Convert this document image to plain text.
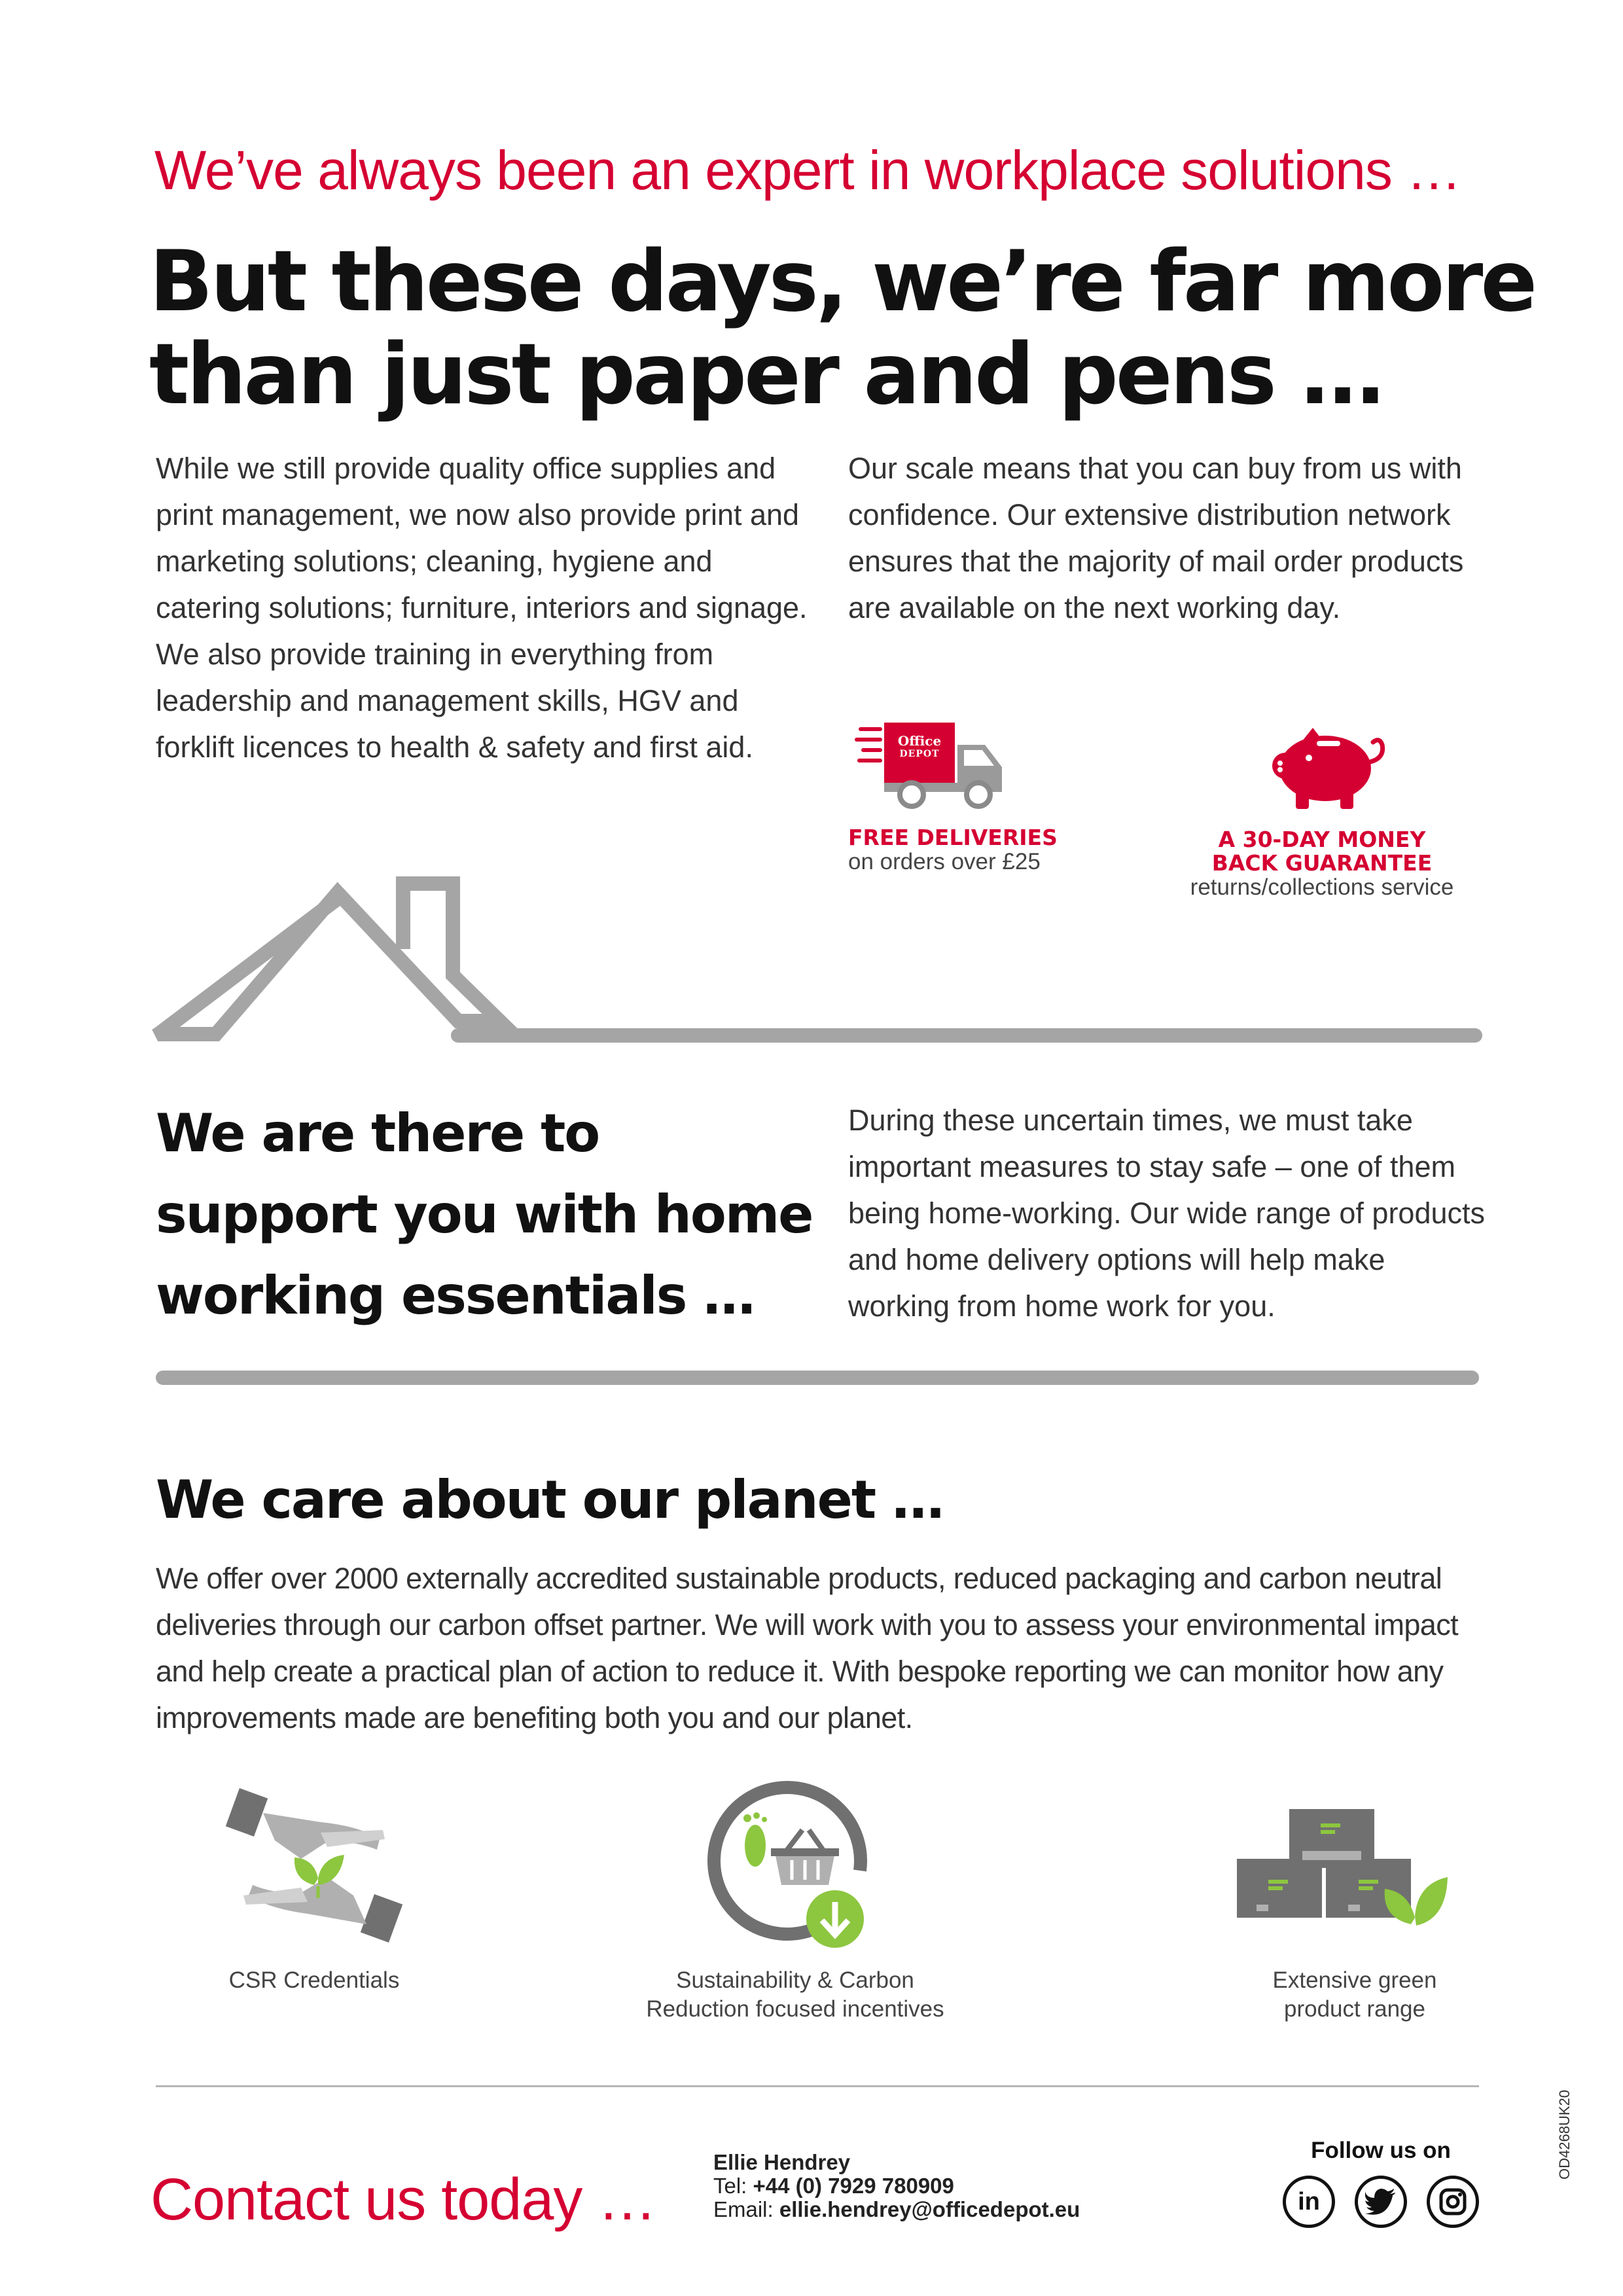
We’ve always been an expert in workplace solutions …
But these days, we’re far more
than just paper and pens …
While we still provide quality office supplies and print management, we now also provide print and marketing solutions; cleaning, hygiene and catering solutions; furniture, interiors and signage. We also provide training in everything from leadership and management skills, HGV and forklift licences to health & safety and first aid.
Our scale means that you can buy from us with confidence. Our extensive distribution network ensures that the majority of mail order products are available on the next working day.
Office
DEPOT
FREE DELIVERIES
on orders over £25
A 30-DAY MONEY
BACK GUARANTEE
returns/collections service
We are there to
support you with home
working essentials …
During these uncertain times, we must take important measures to stay safe – one of them being home-working. Our wide range of products and home delivery options will help make working from home work for you.
We care about our planet …
We offer over 2000 externally accredited sustainable products, reduced packaging and carbon neutral deliveries through our carbon offset partner. We will work with you to assess your environmental impact and help create a practical plan of action to reduce it. With bespoke reporting we can monitor how any improvements made are benefiting both you and our planet.
CSR Credentials	Sustainability & Carbon
Reduction focused incentives
Extensive green
product range
Contact us today …
Ellie Hendrey
Tel: +44 (0) 7929 780909
Email: ellie.hendrey@officedepot.eu
Follow us on
in
OD4268UK20
